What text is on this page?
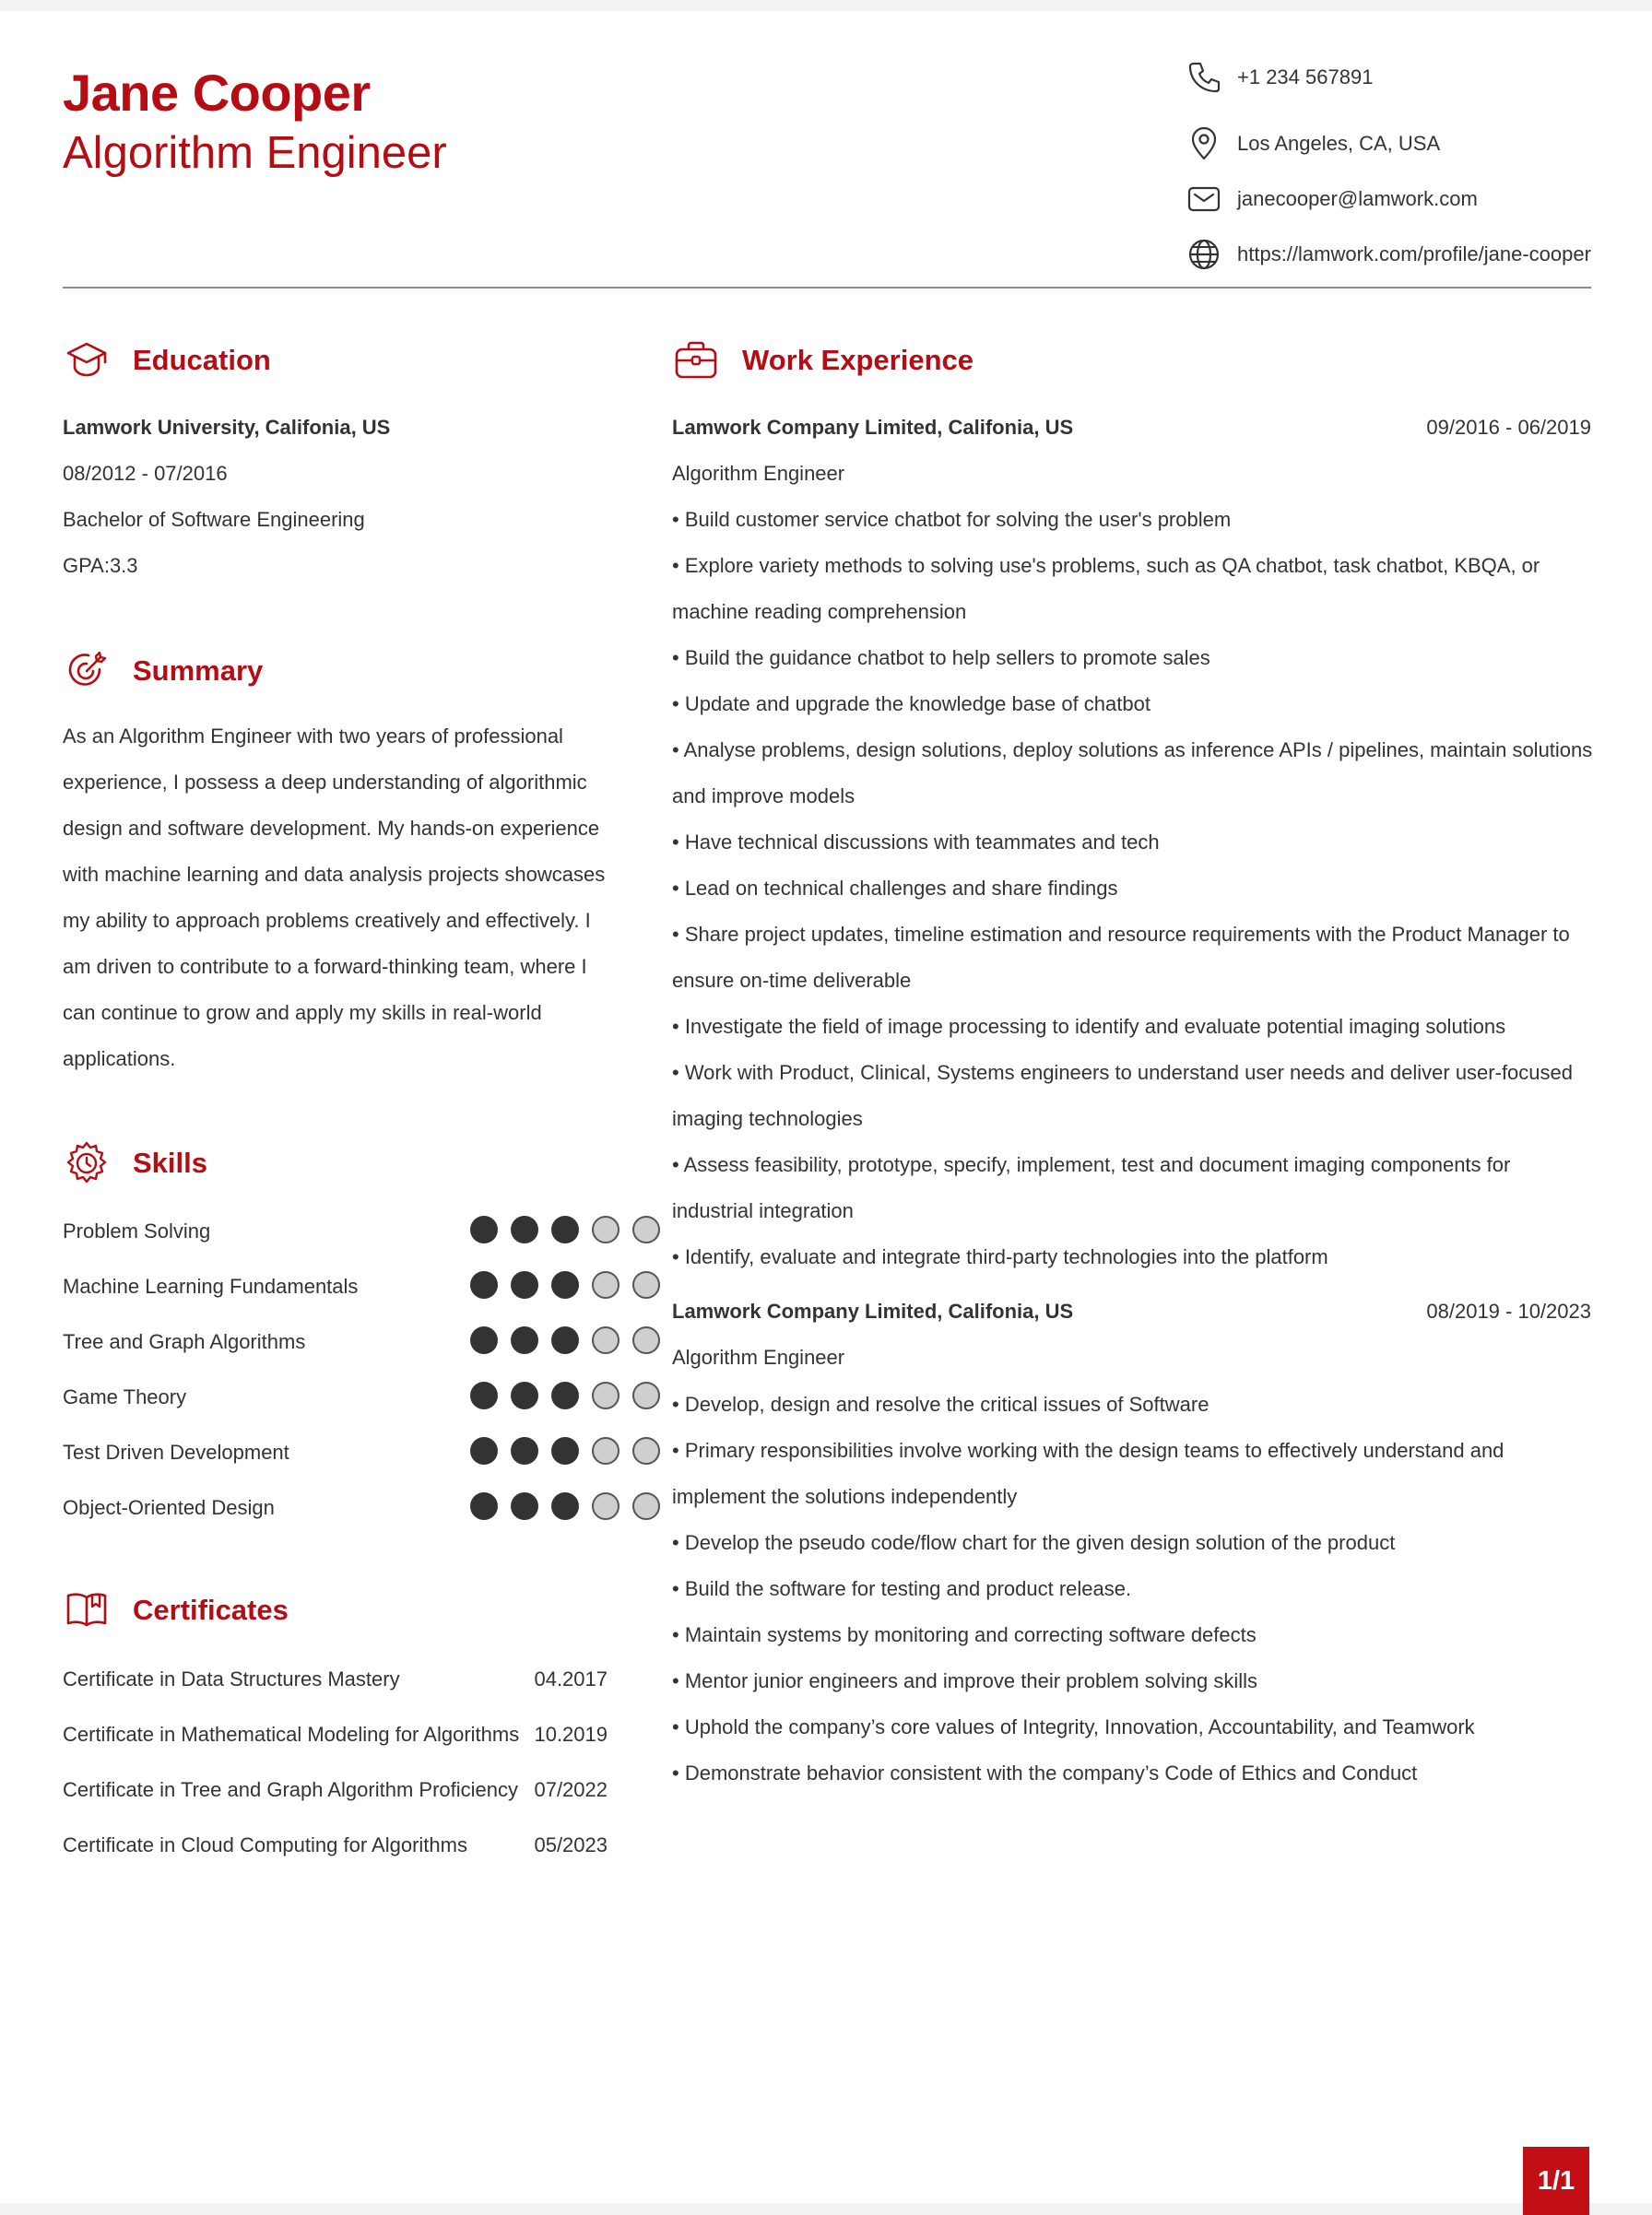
Jane Cooper
Algorithm Engineer
+1 234 567891
Los Angeles, CA, USA
janecooper@lamwork.com
https://lamwork.com/profile/jane-cooper
Education
Lamwork University, Califonia, US
08/2012 - 07/2016
Bachelor of Software Engineering
GPA:3.3
Summary

As an Algorithm Engineer with two years of professional experience, I possess a deep understanding of algorithmic design and software development. My hands-on experience with machine learning and data analysis projects showcases my ability to approach problems creatively and effectively. I am driven to contribute to a forward-thinking team, where I can continue to grow and apply my skills in real-world applications.

Skills
Problem Solving
Machine Learning Fundamentals
Tree and Graph Algorithms
Game Theory
Test Driven Development
Object-Oriented Design
Certificates
Certificate in Data Structures Mastery	04.2017
Certificate in Mathematical Modeling for Algorithms 10.2019
Certificate in Tree and Graph Algorithm Proficiency 07/2022
Certificate in Cloud Computing for Algorithms	05/2023
Work Experience
Lamwork Company Limited, Califonia, US	09/2016 - 06/2019
Algorithm Engineer
• Build customer service chatbot for solving the user's problem
• Explore variety methods to solving use's problems, such as QA chatbot, task chatbot, KBQA, or machine reading comprehension
• Build the guidance chatbot to help sellers to promote sales
• Update and upgrade the knowledge base of chatbot
• Analyse problems, design solutions, deploy solutions as inference APIs / pipelines, maintain solutions and improve models
• Have technical discussions with teammates and tech
• Lead on technical challenges and share findings
• Share project updates, timeline estimation and resource requirements with the Product Manager to ensure on-time deliverable
• Investigate the field of image processing to identify and evaluate potential imaging solutions
• Work with Product, Clinical, Systems engineers to understand user needs and deliver user-focused imaging technologies
• Assess feasibility, prototype, specify, implement, test and document imaging components for industrial integration
• Identify, evaluate and integrate third-party technologies into the platform
Lamwork Company Limited, Califonia, US	08/2019 - 10/2023
Algorithm Engineer
• Develop, design and resolve the critical issues of Software
• Primary responsibilities involve working with the design teams to effectively understand and implement the solutions independently
• Develop the pseudo code/flow chart for the given design solution of the product
• Build the software for testing and product release.
• Maintain systems by monitoring and correcting software defects
• Mentor junior engineers and improve their problem solving skills
• Uphold the company’s core values of Integrity, Innovation, Accountability, and Teamwork
• Demonstrate behavior consistent with the company’s Code of Ethics and Conduct
1/1
